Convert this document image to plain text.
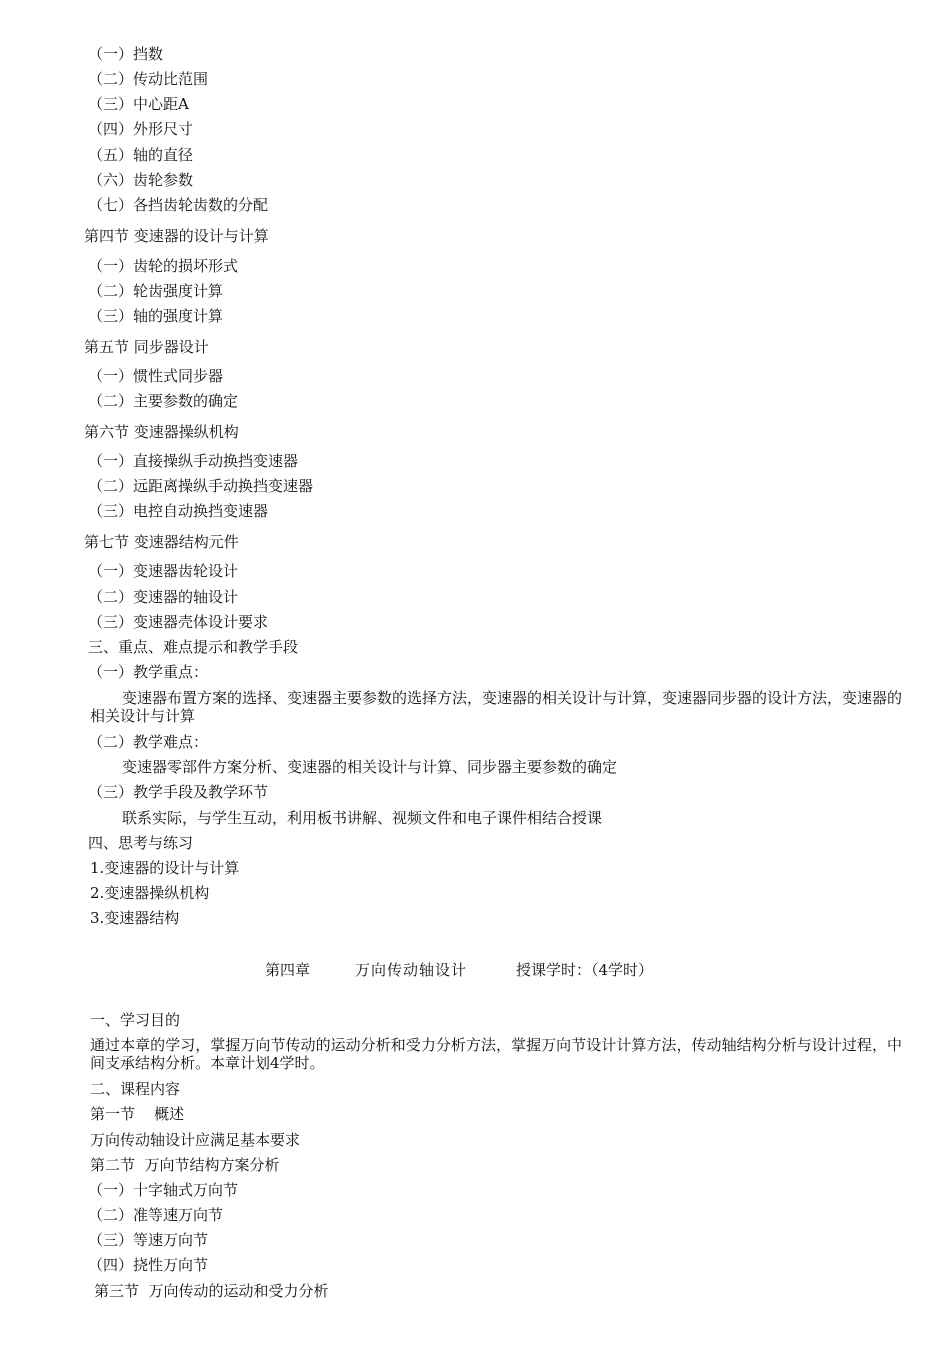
（一）挡数
（二）传动比范围
（三）中心距A
（四）外形尺寸
（五）轴的直径
（六）齿轮参数
（七）各挡齿轮齿数的分配
第四节 变速器的设计与计算
（一）齿轮的损坏形式
（二）轮齿强度计算
（三）轴的强度计算
第五节 同步器设计
（一）惯性式同步器
（二）主要参数的确定
第六节 变速器操纵机构
（一）直接操纵手动换挡变速器
（二）远距离操纵手动换挡变速器
（三）电控自动换挡变速器
第七节 变速器结构元件
（一）变速器齿轮设计
（二）变速器的轴设计
（三）变速器壳体设计要求
三、重点、难点提示和教学手段
（一）教学重点：
变速器布置方案的选择、变速器主要参数的选择方法，变速器的相关设计与计算，变速器同步器的设计方法，变速器的相关设计与计算
（二）教学难点：
变速器零部件方案分析、变速器的相关设计与计算、同步器主要参数的确定
（三）教学手段及教学环节
联系实际，与学生互动，利用板书讲解、视频文件和电子课件相结合授课
四、思考与练习
1.变速器的设计与计算
2.变速器操纵机构
3.变速器结构
第四章	万向传动轴设计	授课学时：（4学时）
一、学习目的
通过本章的学习，掌握万向节传动的运动分析和受力分析方法，掌握万向节设计计算方法，传动轴结构分析与设计过程，中间支承结构分析。本章计划4学时。
二、课程内容
第一节    概述
万向传动轴设计应满足基本要求
第二节  万向节结构方案分析
（一）十字轴式万向节
（二）准等速万向节
（三）等速万向节
（四）挠性万向节
第三节  万向传动的运动和受力分析
